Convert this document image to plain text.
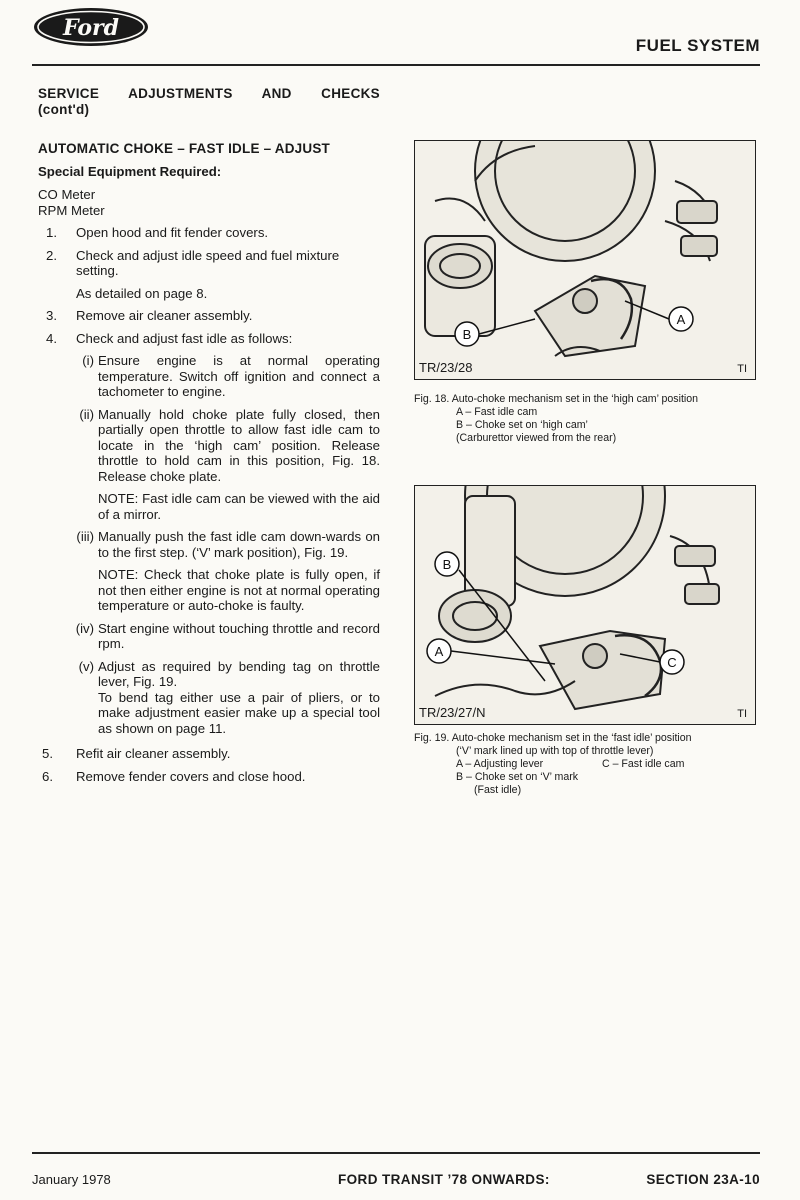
Ford
FUEL SYSTEM
SERVICE ADJUSTMENTS AND CHECKS
(cont'd)
AUTOMATIC CHOKE – FAST IDLE – ADJUST
Special Equipment Required:
CO Meter
RPM Meter
1.	Open hood and fit fender covers.
2.	Check and adjust idle speed and fuel mixture setting.
As detailed on page 8.
3.	Remove air cleaner assembly.
4.	Check and adjust fast idle as follows:
(i) Ensure engine is at normal operating temperature. Switch off ignition and connect a tachometer to engine.
(ii) Manually hold choke plate fully closed, then partially open throttle to allow fast idle cam to locate in the ‘high cam’ position. Release throttle to hold cam in this position, Fig. 18. Release choke plate.
NOTE: Fast idle cam can be viewed with the aid of a mirror.
(iii) Manually push the fast idle cam down-wards on to the first step. (‘V’ mark position), Fig. 19.
NOTE: Check that choke plate is fully open, if not then either engine is not at normal operating temperature or auto-choke is faulty.
(iv) Start engine without touching throttle and record rpm.
(v) Adjust as required by bending tag on throttle lever, Fig. 19.
To bend tag either use a pair of pliers, or to make adjustment easier make up a special tool as shown on page 11.
5.	Refit air cleaner assembly.
6.	Remove fender covers and close hood.
B
A
TR/23/28	TI
Fig. 18. Auto-choke mechanism set in the ‘high cam’ position
A – Fast idle cam
B – Choke set on ‘high cam’
(Carburettor viewed from the rear)
B
A
C
TR/23/27/N	TI
Fig. 19. Auto-choke mechanism set in the ‘fast idle’ position
(‘V’ mark lined up with top of throttle lever)
A – Adjusting lever	C – Fast idle cam
B – Choke set on ‘V’ mark
(Fast idle)
January 1978	FORD TRANSIT ’78 ONWARDS:	SECTION 23A-10
